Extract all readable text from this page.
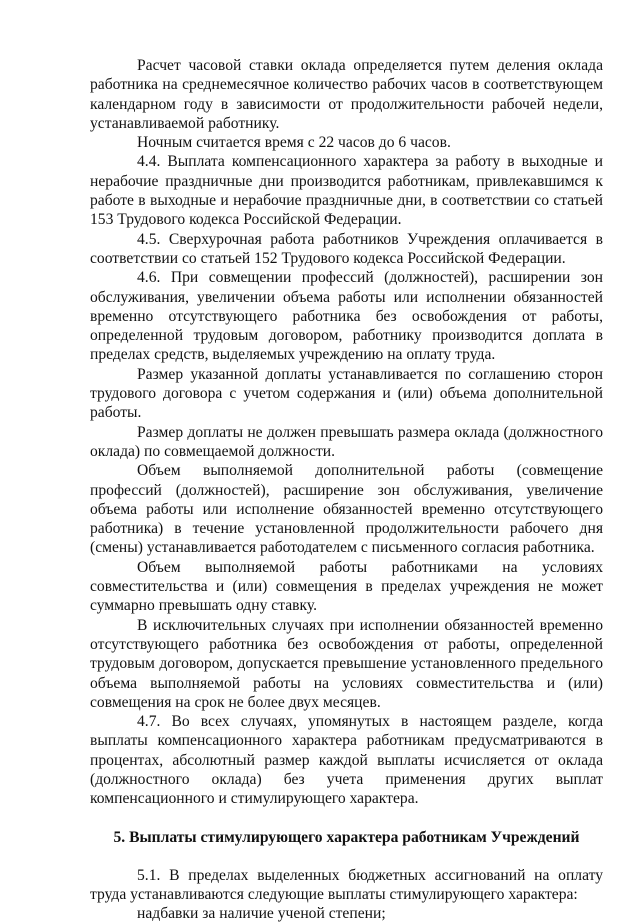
Расчет часовой ставки оклада определяется путем деления оклада работника на среднемесячное количество рабочих часов в соответствующем календарном году в зависимости от продолжительности рабочей недели, устанавливаемой работнику.

Ночным считается время с 22 часов до 6 часов.

4.4. Выплата компенсационного характера за работу в выходные и нерабочие праздничные дни производится работникам, привлекавшимся к работе в выходные и нерабочие праздничные дни, в соответствии со статьей 153 Трудового кодекса Российской Федерации.

4.5. Сверхурочная работа работников Учреждения оплачивается в соответствии со статьей 152 Трудового кодекса Российской Федерации.

4.6. При совмещении профессий (должностей), расширении зон обслуживания, увеличении объема работы или исполнении обязанностей временно отсутствующего работника без освобождения от работы, определенной трудовым договором, работнику производится доплата в пределах средств, выделяемых учреждению на оплату труда.

Размер указанной доплаты устанавливается по соглашению сторон трудового договора с учетом содержания и (или) объема дополнительной работы.

Размер доплаты не должен превышать размера оклада (должностного оклада) по совмещаемой должности.

Объем выполняемой дополнительной работы (совмещение профессий (должностей), расширение зон обслуживания, увеличение объема работы или исполнение обязанностей временно отсутствующего работника) в течение установленной продолжительности рабочего дня (смены) устанавливается работодателем с письменного согласия работника.

Объем выполняемой работы работниками на условиях совместительства и (или) совмещения в пределах учреждения не может суммарно превышать одну ставку.

В исключительных случаях при исполнении обязанностей временно отсутствующего работника без освобождения от работы, определенной трудовым договором, допускается превышение установленного предельного объема выполняемой работы на условиях совместительства и (или) совмещения на срок не более двух месяцев.

4.7. Во всех случаях, упомянутых в настоящем разделе, когда выплаты компенсационного характера работникам предусматриваются в процентах, абсолютный размер каждой выплаты исчисляется от оклада (должностного оклада) без учета применения других выплат компенсационного и стимулирующего характера.

5. Выплаты стимулирующего характера работникам Учреждений

5.1. В пределах выделенных бюджетных ассигнований на оплату труда устанавливаются следующие выплаты стимулирующего характера:

надбавки за наличие ученой степени;
